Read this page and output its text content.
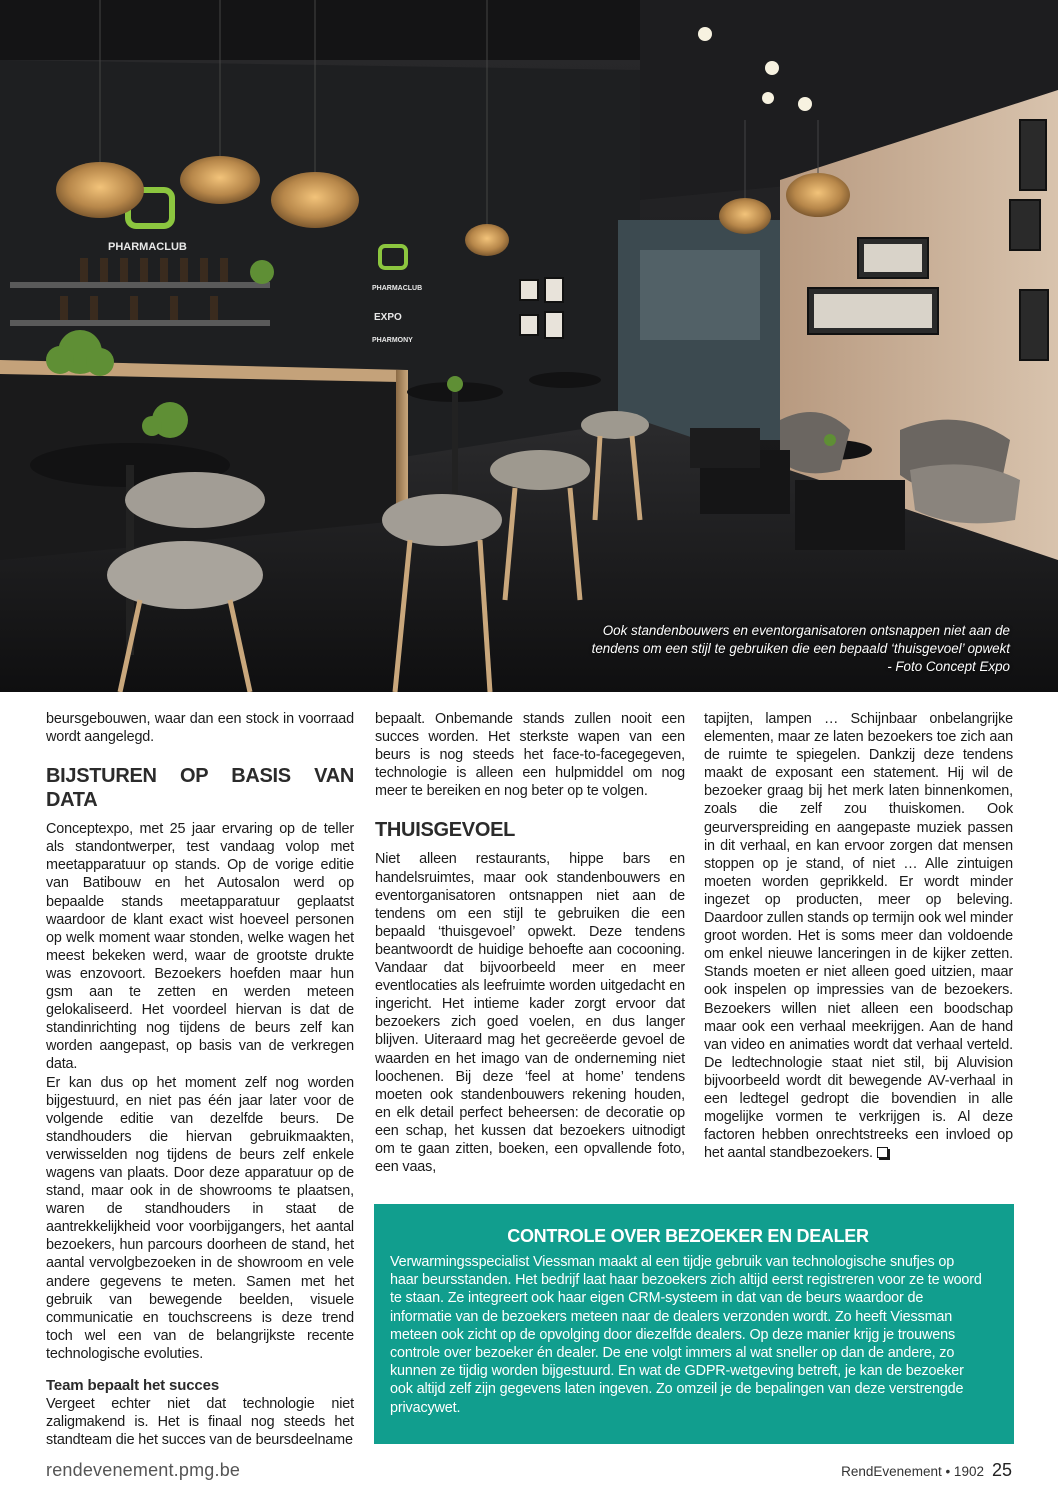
PHARMACLUB
PHARMACLUB
EXPO
PHARMONY
Ook standenbouwers en eventorganisatoren ontsnappen niet aan de tendens om een stijl te gebruiken die een bepaald ‘thuisgevoel’ opwekt - Foto Concept Expo

beursgebouwen, waar dan een stock in voorraad wordt aangelegd.

BIJSTUREN OP BASIS VAN DATA

Conceptexpo, met 25 jaar ervaring op de teller als standontwerper, test vandaag volop met meetapparatuur op stands. Op de vorige editie van Batibouw en het Autosalon werd op bepaalde stands meetapparatuur geplaatst waardoor de klant exact wist hoeveel personen op welk moment waar stonden, welke wagen het meest bekeken werd, waar de grootste drukte was enzovoort. Bezoekers hoefden maar hun gsm aan te zetten en werden meteen gelokaliseerd. Het voordeel hiervan is dat de standinrichting nog tijdens de beurs zelf kan worden aangepast, op basis van de verkregen data.

Er kan dus op het moment zelf nog worden bijgestuurd, en niet pas één jaar later voor de volgende editie van dezelfde beurs. De standhouders die hiervan gebruikmaakten, verwisselden nog tijdens de beurs zelf enkele wagens van plaats. Door deze apparatuur op de stand, maar ook in de showrooms te plaatsen, waren de standhouders in staat de aantrekkelijkheid voor voorbijgangers, het aantal bezoekers, hun parcours doorheen de stand, het aantal vervolgbezoeken in de showroom en vele andere gegevens te meten. Samen met het gebruik van bewegende beelden, visuele communicatie en touchscreens is deze trend toch wel een van de belangrijkste recente technologische evoluties.

Team bepaalt het succes

Vergeet echter niet dat technologie niet zaligmakend is. Het is finaal nog steeds het standteam die het succes van de beursdeelname

bepaalt. Onbemande stands zullen nooit een succes worden. Het sterkste wapen van een beurs is nog steeds het face-to-facegegeven, technologie is alleen een hulpmiddel om nog meer te bereiken en nog beter op te volgen.

THUISGEVOEL

Niet alleen restaurants, hippe bars en handelsruimtes, maar ook standenbouwers en eventorganisatoren ontsnappen niet aan de tendens om een stijl te gebruiken die een bepaald ‘thuisgevoel’ opwekt. Deze tendens beantwoordt de huidige behoefte aan cocooning. Vandaar dat bijvoorbeeld meer en meer eventlocaties als leefruimte worden uitgedacht en ingericht. Het intieme kader zorgt ervoor dat bezoekers zich goed voelen, en dus langer blijven. Uiteraard mag het gecreëerde gevoel de waarden en het imago van de onderneming niet loochenen. Bij deze ‘feel at home’ tendens moeten ook standenbouwers rekening houden, en elk detail perfect beheersen: de decoratie op een schap, het kussen dat bezoekers uitnodigt om te gaan zitten, boeken, een opvallende foto, een vaas,

tapijten, lampen … Schijnbaar onbelangrijke elementen, maar ze laten bezoekers toe zich aan de ruimte te spiegelen. Dankzij deze tendens maakt de exposant een statement. Hij wil de bezoeker graag bij het merk laten binnenkomen, zoals die zelf zou thuiskomen. Ook geurverspreiding en aangepaste muziek passen in dit verhaal, en kan ervoor zorgen dat mensen stoppen op je stand, of niet … Alle zintuigen moeten worden geprikkeld. Er wordt minder ingezet op producten, meer op beleving. Daardoor zullen stands op termijn ook wel minder groot worden. Het is soms meer dan voldoende om enkel nieuwe lanceringen in de kijker zetten. Stands moeten er niet alleen goed uitzien, maar ook inspelen op impressies van de bezoekers. Bezoekers willen niet alleen een boodschap maar ook een verhaal meekrijgen. Aan de hand van video en animaties wordt dat verhaal verteld. De ledtechnologie staat niet stil, bij Aluvision bijvoorbeeld wordt dit bewegende AV-verhaal in een ledtegel gedropt die bovendien in alle mogelijke vormen te verkrijgen is. Al deze factoren hebben onrechtstreeks een invloed op het aantal standbezoekers.

CONTROLE OVER BEZOEKER EN DEALER

Verwarmingsspecialist Viessman maakt al een tijdje gebruik van technologische snufjes op haar beursstanden. Het bedrijf laat haar bezoekers zich altijd eerst registreren voor ze te woord te staan. Ze integreert ook haar eigen CRM-systeem in dat van de beurs waardoor de informatie van de bezoekers meteen naar de dealers verzonden wordt. Zo heeft Viessman meteen ook zicht op de opvolging door diezelfde dealers. Op deze manier krijg je trouwens controle over bezoeker én dealer. De ene volgt immers al wat sneller op dan de andere, zo kunnen ze tijdig worden bijgestuurd. En wat de GDPR-wetgeving betreft, je kan de bezoeker ook altijd zelf zijn gegevens laten ingeven. Zo omzeil je de bepalingen van deze verstrengde privacywet.

rendevenement.pmg.be	RendEvenement • 1902 25
